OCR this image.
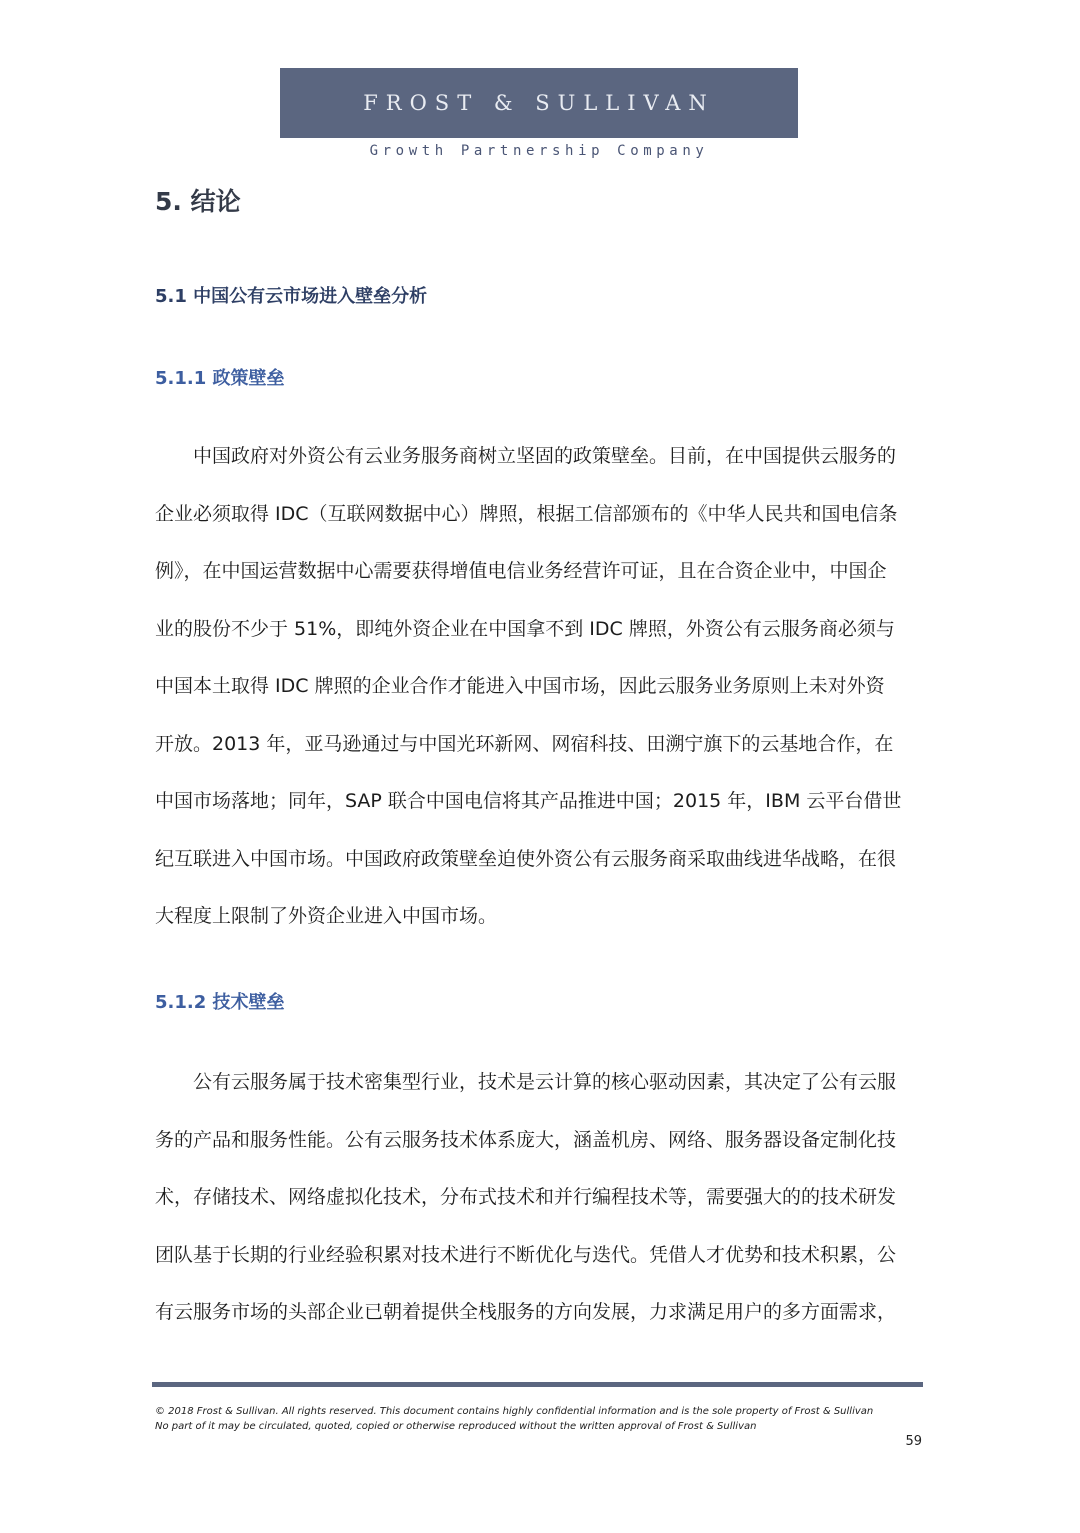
FROST & SULLIVAN
Growth Partnership Company
5. 结论
5.1 中国公有云市场进入壁垒分析
5.1.1 政策壁垒
中国政府对外资公有云业务服务商树立坚固的政策壁垒。目前，在中国提供云服务的
企业必须取得 IDC（互联网数据中心）牌照，根据工信部颁布的《中华人民共和国电信条
例》，在中国运营数据中心需要获得增值电信业务经营许可证，且在合资企业中，中国企
业的股份不少于 51%，即纯外资企业在中国拿不到 IDC 牌照，外资公有云服务商必须与
中国本土取得 IDC 牌照的企业合作才能进入中国市场，因此云服务业务原则上未对外资
开放。2013 年，亚马逊通过与中国光环新网、网宿科技、田溯宁旗下的云基地合作，在
中国市场落地；同年，SAP 联合中国电信将其产品推进中国；2015 年，IBM 云平台借世
纪互联进入中国市场。中国政府政策壁垒迫使外资公有云服务商采取曲线进华战略，在很
大程度上限制了外资企业进入中国市场。
5.1.2 技术壁垒
公有云服务属于技术密集型行业，技术是云计算的核心驱动因素，其决定了公有云服
务的产品和服务性能。公有云服务技术体系庞大，涵盖机房、网络、服务器设备定制化技
术，存储技术、网络虚拟化技术，分布式技术和并行编程技术等，需要强大的的技术研发
团队基于长期的行业经验积累对技术进行不断优化与迭代。凭借人才优势和技术积累，公
有云服务市场的头部企业已朝着提供全栈服务的方向发展，力求满足用户的多方面需求，
© 2018 Frost & Sullivan. All rights reserved. This document contains highly confidential information and is the sole property of Frost & Sullivan
No part of it may be circulated, quoted, copied or otherwise reproduced without the written approval of Frost & Sullivan
59
